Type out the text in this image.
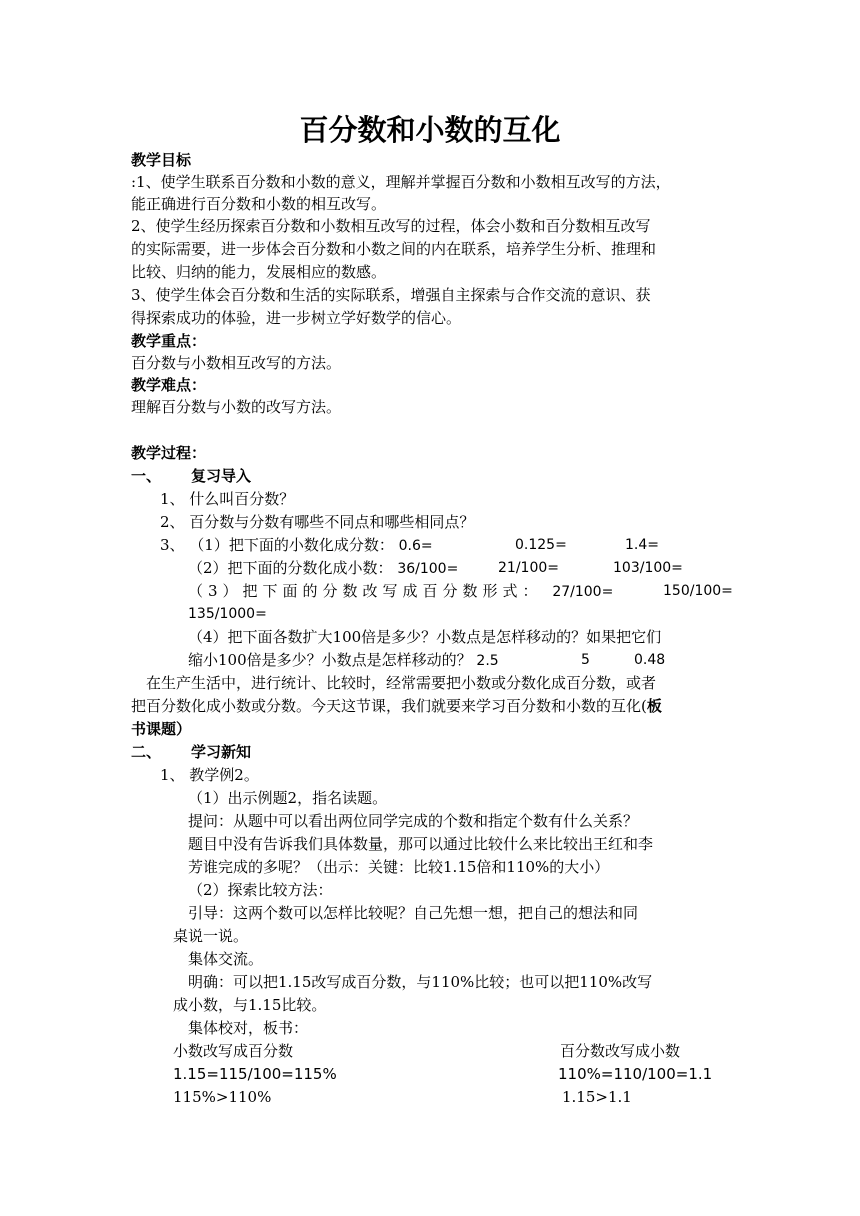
百分数和小数的互化
教学目标
:1、使学生联系百分数和小数的意义，理解并掌握百分数和小数相互改写的方法，
能正确进行百分数和小数的相互改写。
2、使学生经历探索百分数和小数相互改写的过程，体会小数和百分数相互改写
的实际需要，进一步体会百分数和小数之间的内在联系，培养学生分析、推理和
比较、归纳的能力，发展相应的数感。
3、使学生体会百分数和生活的实际联系，增强自主探索与合作交流的意识、获
得探索成功的体验，进一步树立学好数学的信心。
教学重点：
百分数与小数相互改写的方法。
教学难点：
理解百分数与小数的改写方法。
教学过程：
一、 复习导入
1、 什么叫百分数？
2、 百分数与分数有哪些不同点和哪些相同点？
3、 （1）把下面的小数化成分数： 0.6=	0.125=	1.4=
（2）把下面的分数化成小数： 36/100=	21/100=	103/100=
（3）把下面的分数改写成百分数形式： 27/100=	150/100=
135/1000=
（4）把下面各数扩大100倍是多少？小数点是怎样移动的？如果把它们
缩小100倍是多少？小数点是怎样移动的？ 2.5	5	0.48
在生产生活中，进行统计、比较时，经常需要把小数或分数化成百分数，或者
把百分数化成小数或分数。今天这节课，我们就要来学习百分数和小数的互化(板
书课题）
二、 学习新知
1、 教学例2。
（1）出示例题2，指名读题。
提问：从题中可以看出两位同学完成的个数和指定个数有什么关系？
题目中没有告诉我们具体数量，那可以通过比较什么来比较出王红和李
芳谁完成的多呢？（出示：关键：比较1.15倍和110%的大小）
（2）探索比较方法：
引导：这两个数可以怎样比较呢？自己先想一想，把自己的想法和同
桌说一说。
集体交流。
明确：可以把1.15改写成百分数，与110%比较；也可以把110%改写
成小数，与1.15比较。
集体校对，板书：
小数改写成百分数	百分数改写成小数
1.15=115/100=115%	110%=110/100=1.1
115%>110%	1.15>1.1
